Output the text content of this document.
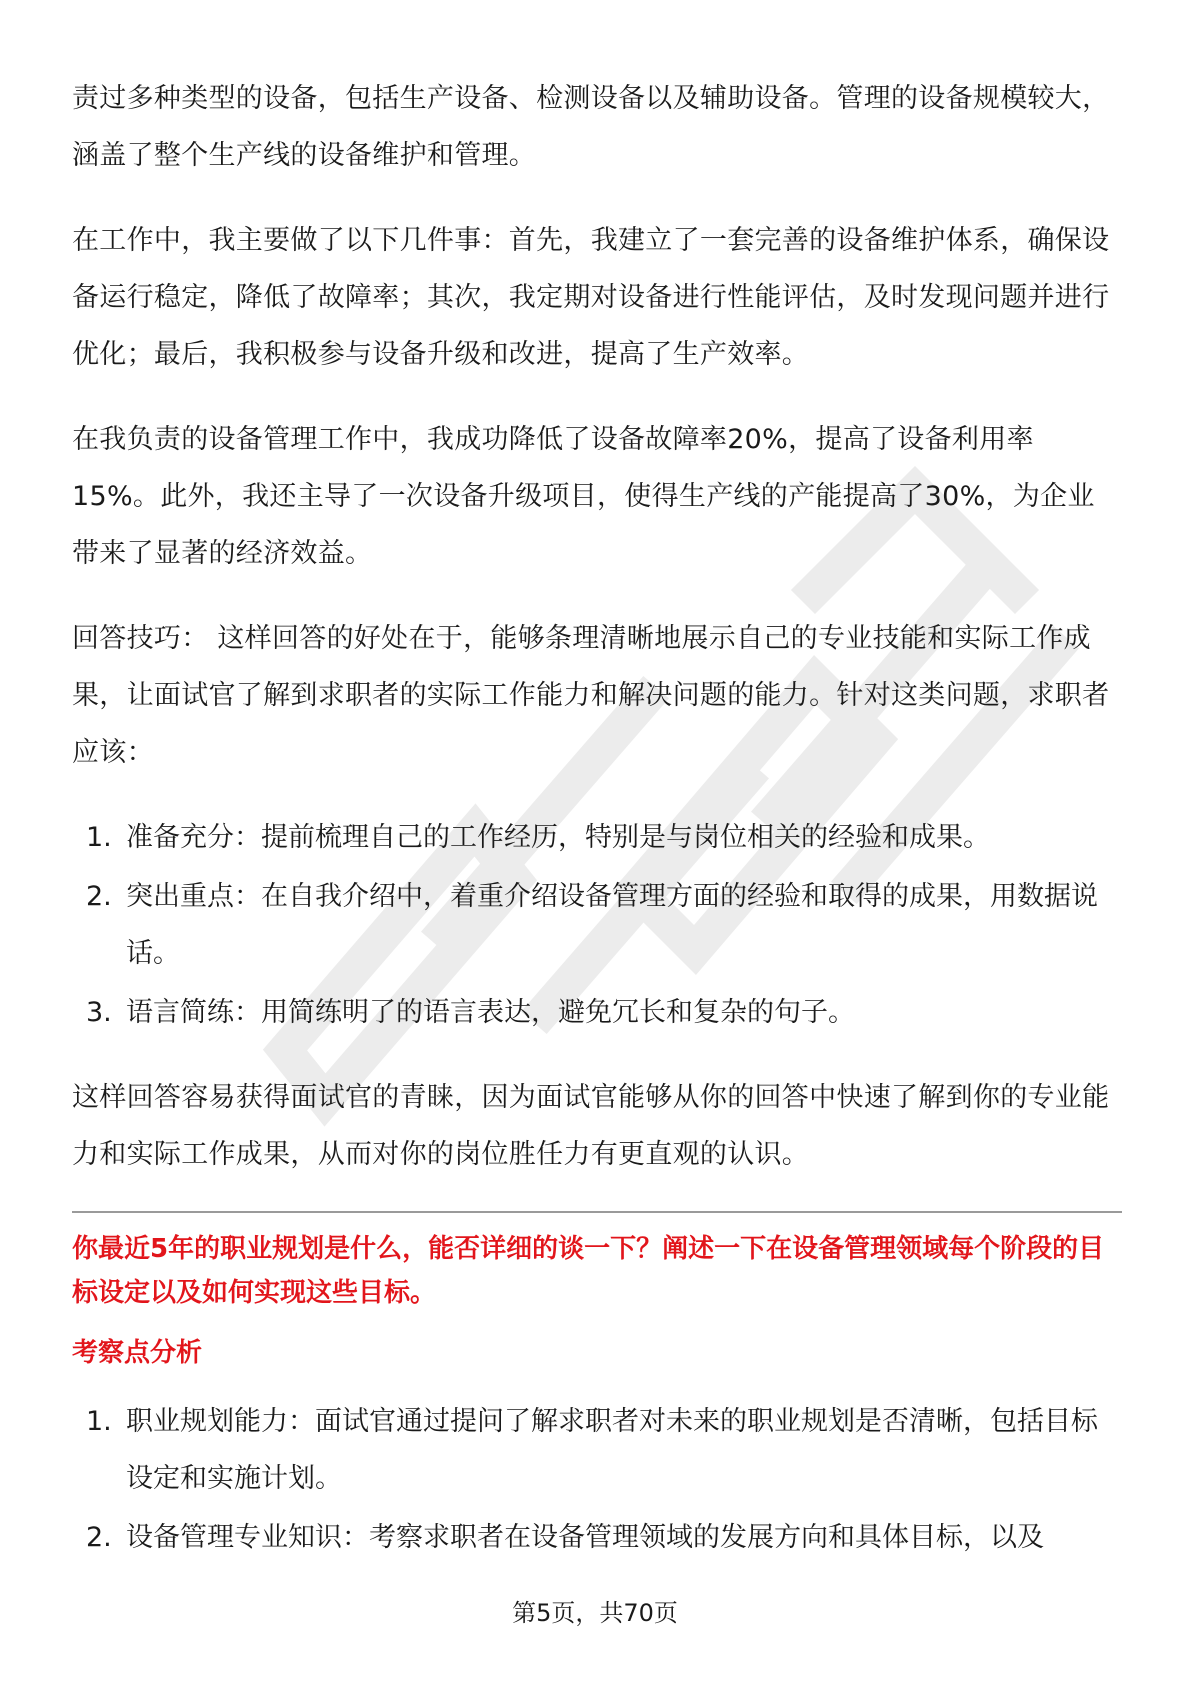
责过多种类型的设备，包括生产设备、检测设备以及辅助设备。管理的设备规模较大，涵盖了整个生产线的设备维护和管理。

在工作中，我主要做了以下几件事：首先，我建立了一套完善的设备维护体系，确保设备运行稳定，降低了故障率；其次，我定期对设备进行性能评估，及时发现问题并进行优化；最后，我积极参与设备升级和改进，提高了生产效率。

在我负责的设备管理工作中，我成功降低了设备故障率20%，提高了设备利用率15%。此外，我还主导了一次设备升级项目，使得生产线的产能提高了30%，为企业带来了显著的经济效益。

回答技巧： 这样回答的好处在于，能够条理清晰地展示自己的专业技能和实际工作成果，让面试官了解到求职者的实际工作能力和解决问题的能力。针对这类问题，求职者应该：

1. 准备充分：提前梳理自己的工作经历，特别是与岗位相关的经验和成果。
2. 突出重点：在自我介绍中，着重介绍设备管理方面的经验和取得的成果，用数据说话。
3. 语言简练：用简练明了的语言表达，避免冗长和复杂的句子。

这样回答容易获得面试官的青睐，因为面试官能够从你的回答中快速了解到你的专业能力和实际工作成果，从而对你的岗位胜任力有更直观的认识。

你最近5年的职业规划是什么，能否详细的谈一下？阐述一下在设备管理领域每个阶段的目标设定以及如何实现这些目标。
考察点分析
1. 职业规划能力：面试官通过提问了解求职者对未来的职业规划是否清晰，包括目标设定和实施计划。
2. 设备管理专业知识：考察求职者在设备管理领域的发展方向和具体目标，以及
第5页，共70页
